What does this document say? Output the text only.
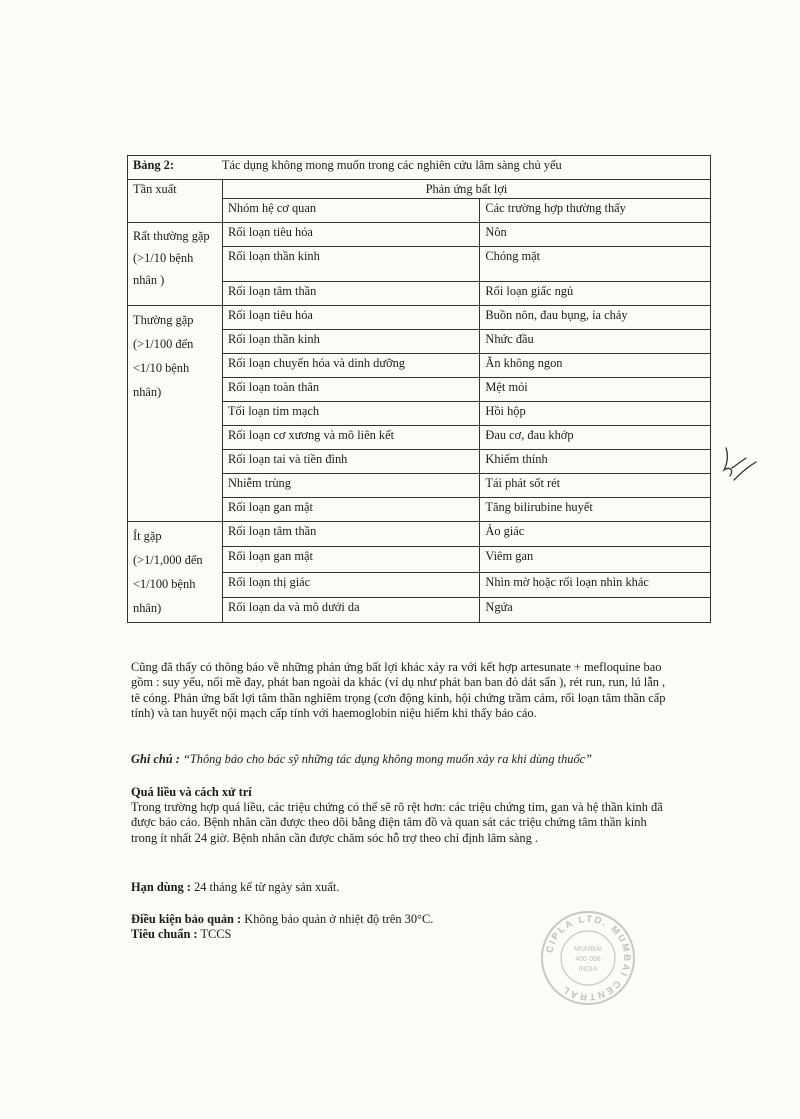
Bảng 2: Tác dụng không mong muốn trong các nghiên cứu lâm sàng chủ yếu		
Tần xuất	Phản ứng bất lợi	
	Nhóm hệ cơ quan	Các trường hợp thường thấy

Rất thường gặp
(>1/10 bệnh
nhân )	Rối loạn tiêu hóa	Nôn
	Rối loạn thần kinh	Chóng mặt
	Rối loạn tâm thần	Rối loạn giấc ngủ

Thường gặp
(>1/100 đến
<1/10 bệnh
nhân)	Rối loạn tiêu hóa	Buồn nôn, đau bụng, ỉa chảy
	Rối loạn thần kinh	Nhức đầu
	Rối loạn chuyển hóa và dinh dưỡng	Ăn không ngon
	Rối loạn toàn thân	Mệt mỏi
	Tối loạn tim mạch	Hồi hộp
	Rối loạn cơ xương và mô liên kết	Đau cơ, đau khớp
	Rối loạn tai và tiền đình	Khiếm thính
	Nhiễm trùng	Tái phát sốt rét
	Rối loạn gan mật	Tăng bilirubine huyết

Ít gặp
(>1/1,000 đến
<1/100 bệnh
nhân)	Rối loạn tâm thần	Ảo giác
	Rối loạn gan mật	Viêm gan
	Rối loạn thị giác	Nhìn mờ hoặc rối loạn nhìn khác
	Rối loạn da và mô dưới da	Ngứa

Cũng đã thấy có thông báo về những phản ứng bất lợi khác xảy ra với kết hợp artesunate + mefloquine bao gồm : suy yếu, nổi mề đay, phát ban ngoài da khác (ví dụ như phát ban ban đỏ dát sẩn ), rét run, run, lú lẫn , tê cóng. Phản ứng bất lợi tâm thần nghiêm trọng (cơn động kinh, hội chứng trầm cảm, rối loạn tâm thần cấp tính) và tan huyết nội mạch cấp tính với haemoglobin niệu hiếm khi thấy báo cáo.

Ghi chú : “Thông báo cho bác sỹ những tác dụng không mong muốn xảy ra khi dùng thuốc”

Quá liều và cách xử trí

Trong trường hợp quá liều, các triệu chứng có thể sẽ rõ rệt hơn: các triệu chứng tim, gan và hệ thần kinh đã được báo cáo. Bệnh nhân cần được theo dõi bằng điện tâm đồ và quan sát các triệu chứng tâm thần kinh trong ít nhất 24 giờ. Bệnh nhân cần được chăm sóc hỗ trợ theo chỉ định lâm sàng .

Hạn dùng : 24 tháng kể từ ngày sản xuất.

Điều kiện bảo quản : Không bảo quản ở nhiệt độ trên 30°C.

Tiêu chuẩn : TCCS

CIPLA LTD. MUMBAI CENTRAL
MUMBAI
400 008
INDIA
